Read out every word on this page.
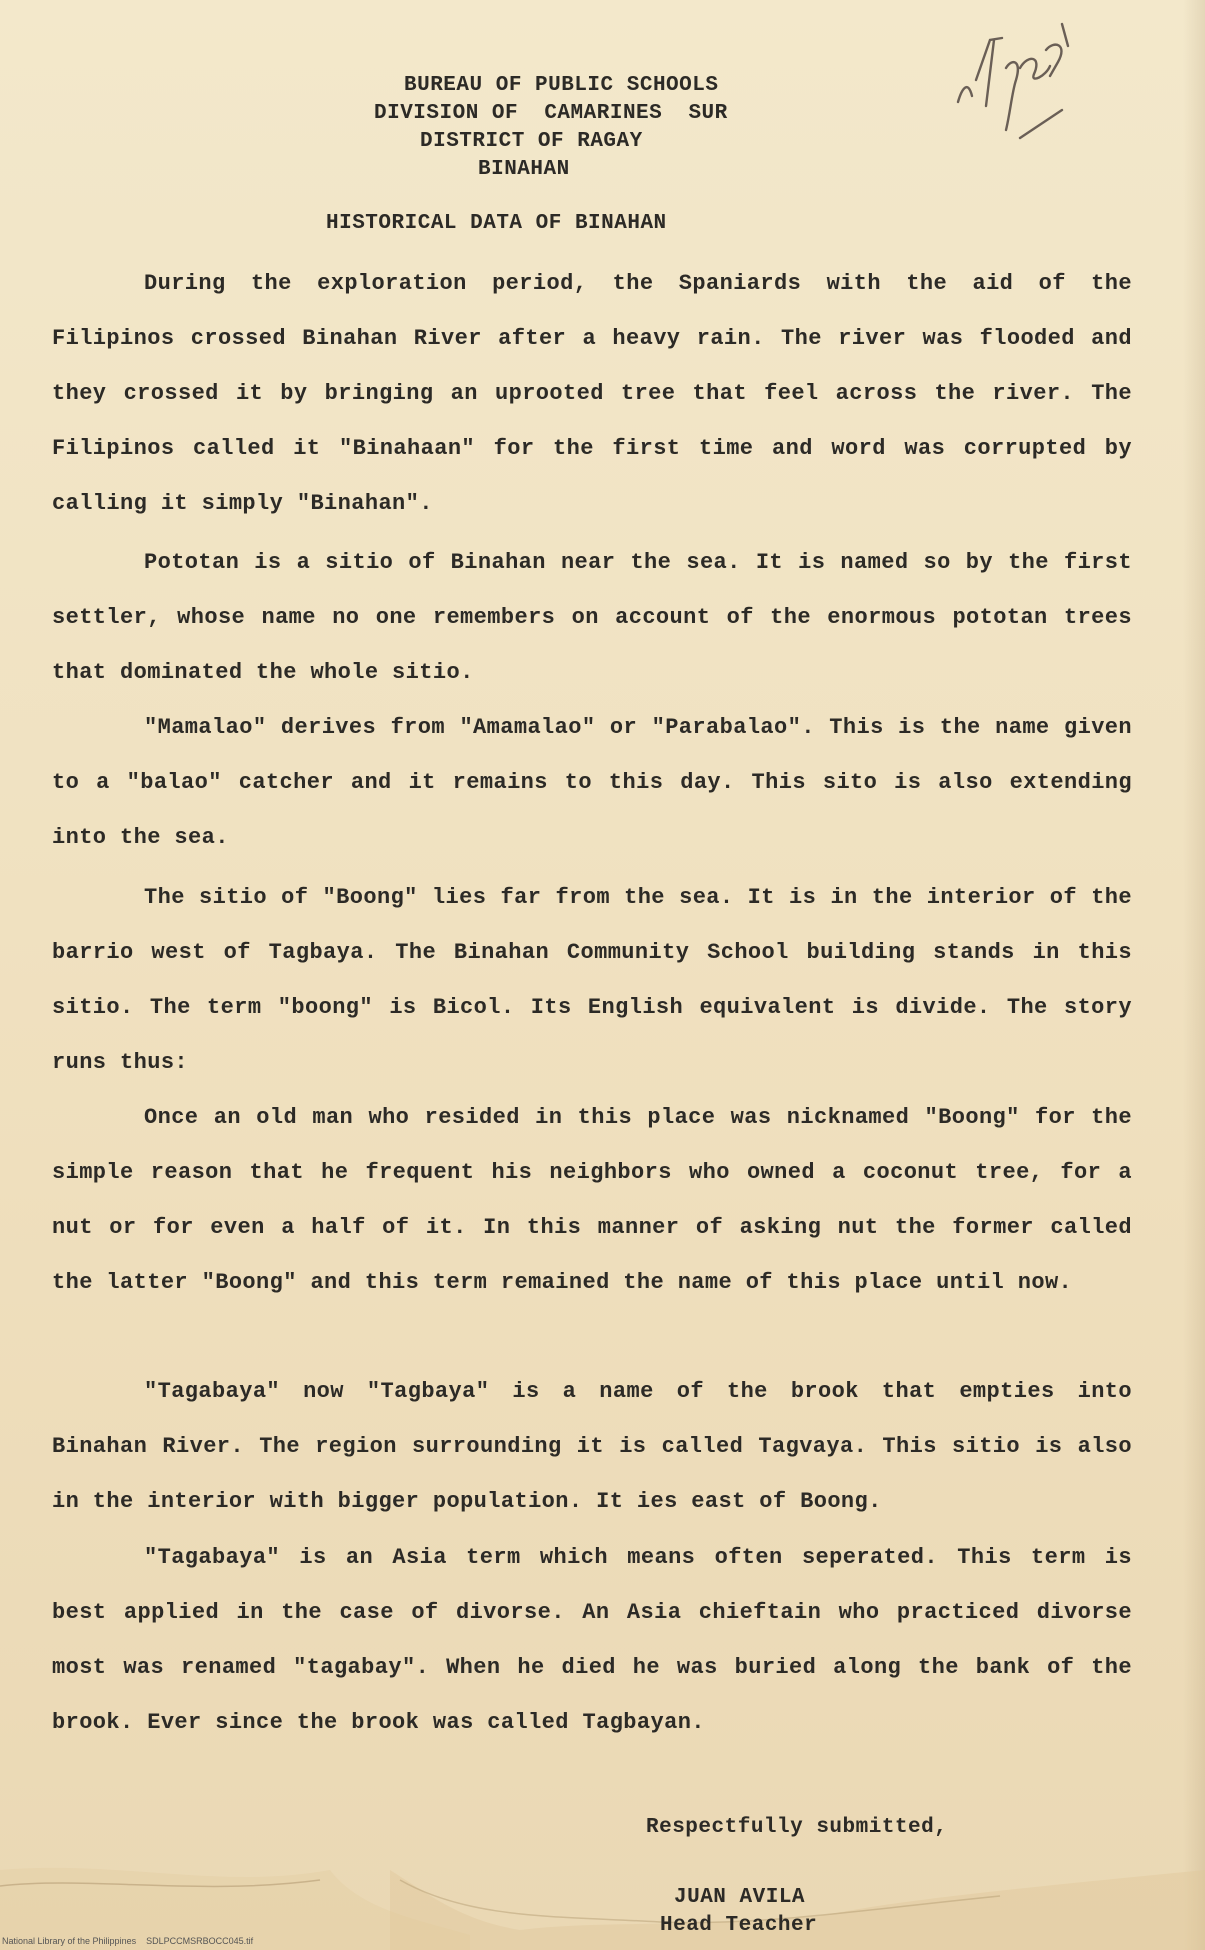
BUREAU OF PUBLIC SCHOOLS
DIVISION OF  CAMARINES  SUR
DISTRICT OF RAGAY
BINAHAN
HISTORICAL DATA OF BINAHAN

During the exploration period, the Spaniards with the aid of the Filipinos crossed Binahan River after a heavy rain. The river was flooded and they crossed it by bringing an uprooted tree that feel across the river. The Filipinos called it "Binahaan" for the first time and word was corrupted by calling it simply "Binahan".

Pototan is a sitio of Binahan near the sea. It is named so by the first settler, whose name no one remembers on account of the enormous pototan trees that dominated the whole sitio.

"Mamalao" derives from "Amamalao" or "Parabalao". This is the name given to a "balao" catcher and it remains to this day. This sito is also extending into the sea.

The sitio of "Boong" lies far from the sea. It is in the interior of the barrio west of Tagbaya. The Binahan Community School building stands in this sitio. The term "boong" is Bicol. Its English equivalent is divide. The story runs thus:

Once an old man who resided in this place was nicknamed "Boong" for the simple reason that he frequent his neighbors who owned a coconut tree, for a nut or for even a half of it. In this manner of asking nut the former called the latter "Boong" and this term remained the name of this place until now.

"Tagabaya" now "Tagbaya" is a name of the brook that empties into Binahan River. The region surrounding it is called Tagvaya. This sitio is also in the interior with bigger population. It ies east of Boong.

"Tagabaya" is an Asia term which means often seperated. This term is best applied in the case of divorse. An Asia chieftain who practiced divorse most was renamed "tagabay". When he died he was buried along the bank of the brook. Ever since the brook was called Tagbayan.

Respectfully submitted,
JUAN AVILA
Head Teacher
National Library of the Philippines    SDLPCCMSRBOCC045.tif
